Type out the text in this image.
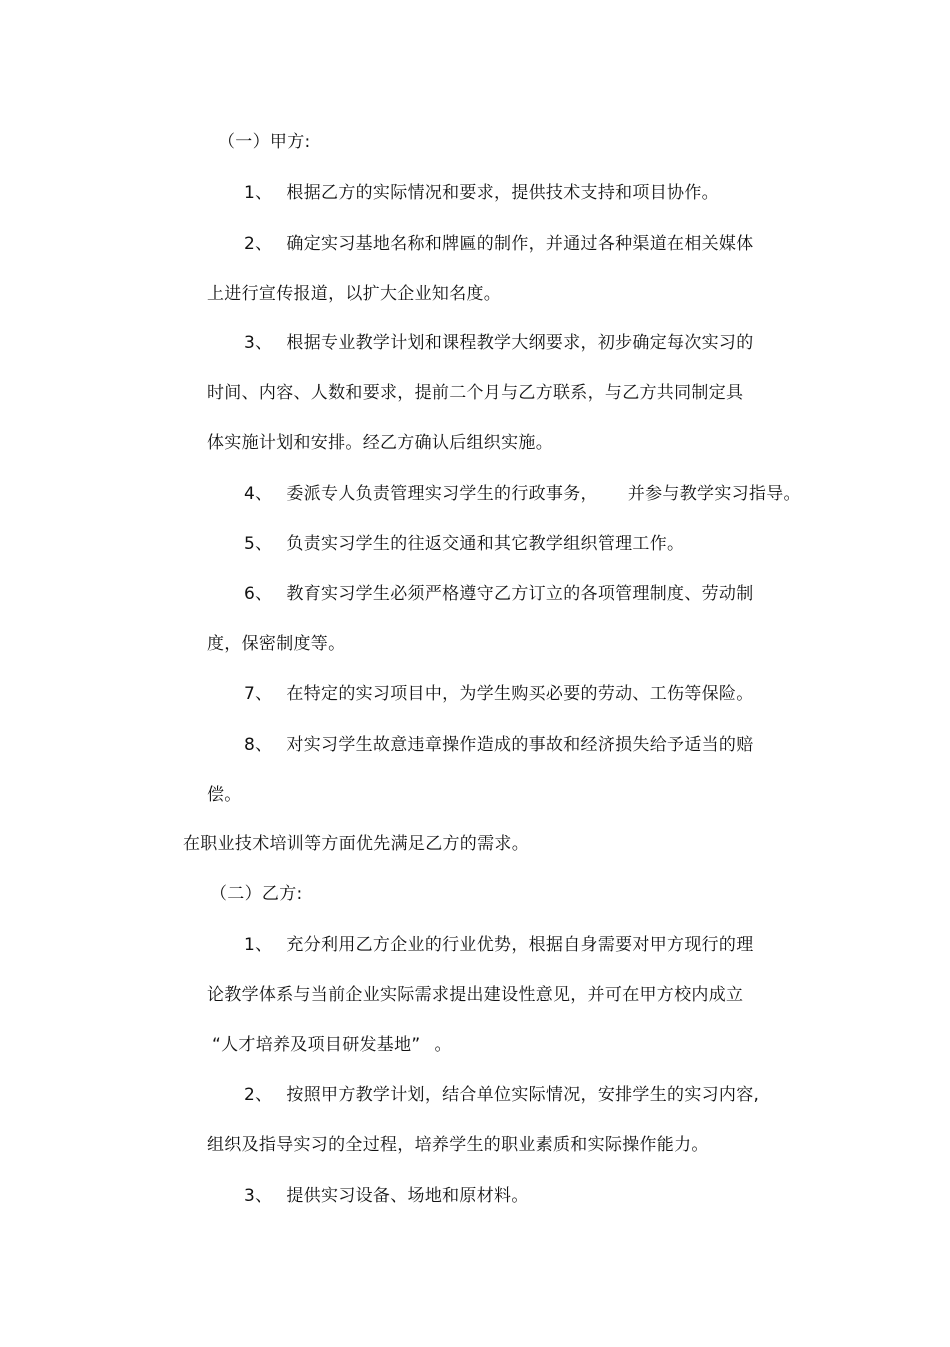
（一）甲方:
1、 根据乙方的实际情况和要求，提供技术支持和项目协作。
2、 确定实习基地名称和牌匾的制作，并通过各种渠道在相关媒体
上进行宣传报道，以扩大企业知名度。
3、 根据专业教学计划和课程教学大纲要求，初步确定每次实习的
时间、内容、人数和要求，提前二个月与乙方联系，与乙方共同制定具
体实施计划和安排。经乙方确认后组织实施。
4、 委派专人负责管理实习学生的行政事务， 并参与教学实习指导。
5、 负责实习学生的往返交通和其它教学组织管理工作。
6、 教育实习学生必须严格遵守乙方订立的各项管理制度、劳动制
度，保密制度等。
7、 在特定的实习项目中，为学生购买必要的劳动、工伤等保险。
8、 对实习学生故意违章操作造成的事故和经济损失给予适当的赔
偿。
在职业技术培训等方面优先满足乙方的需求。
（二）乙方:
1、 充分利用乙方企业的行业优势，根据自身需要对甲方现行的理
论教学体系与当前企业实际需求提出建设性意见，并可在甲方校内成立
“人才培养及项目研发基地” 。
2、 按照甲方教学计划，结合单位实际情况，安排学生的实习内容,
组织及指导实习的全过程，培养学生的职业素质和实际操作能力。
3、 提供实习设备、场地和原材料。
